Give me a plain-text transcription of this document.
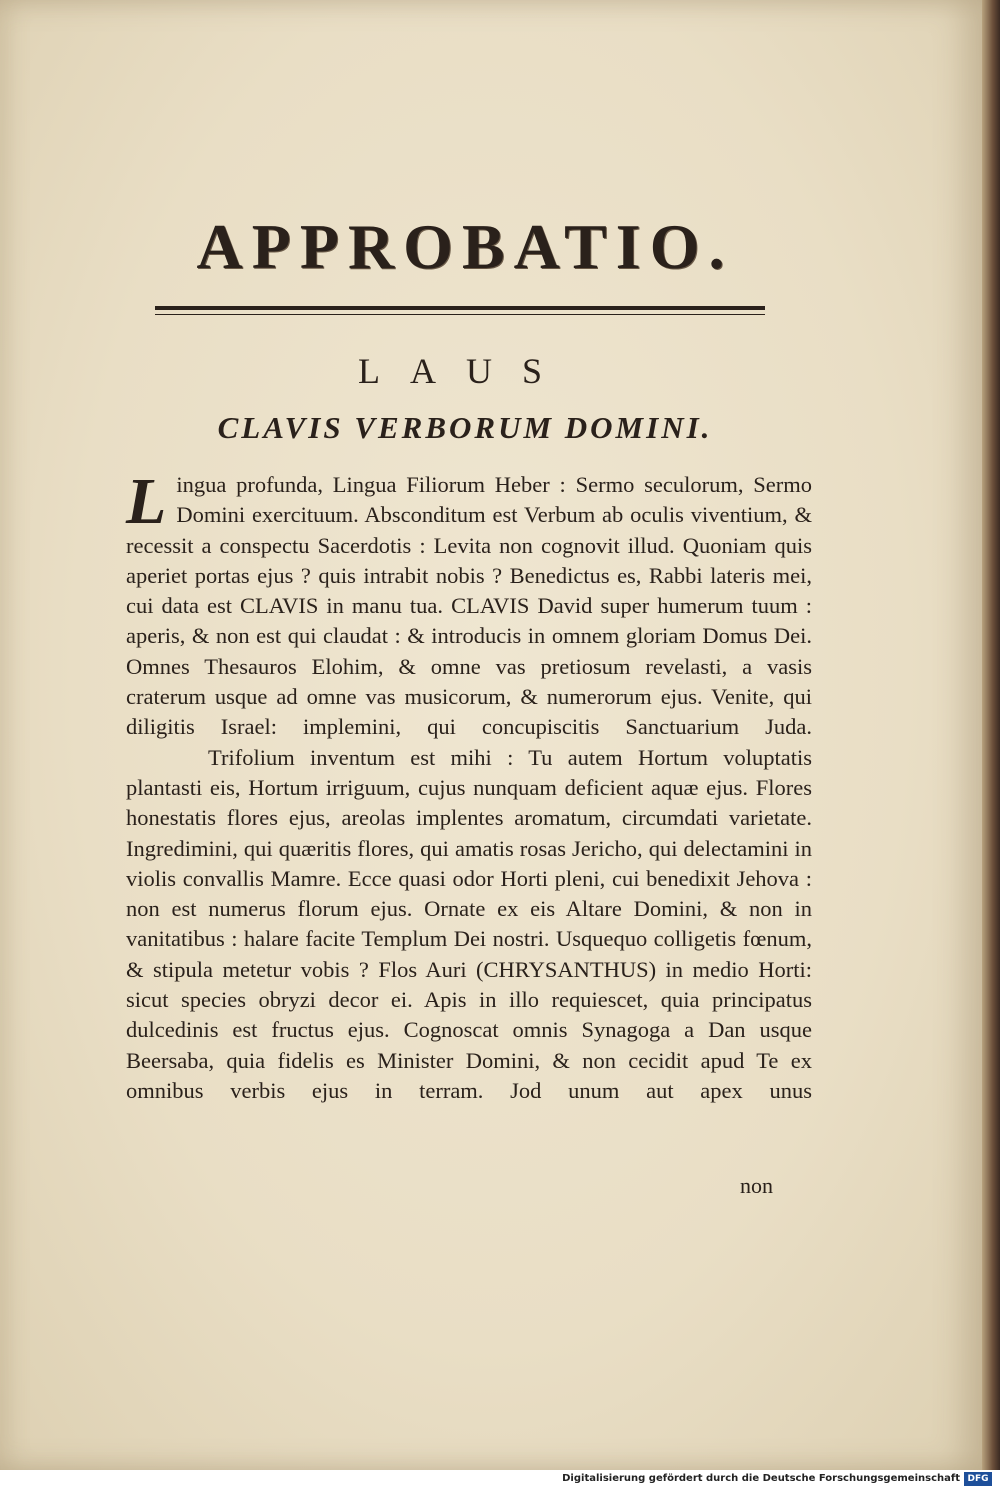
APPROBATIO.
LAUS
CLAVIS VERBORUM DOMINI.

Lingua profunda, Lingua Filiorum Heber : Sermo seculorum, Sermo Domini exercituum. Absconditum est Verbum ab oculis viventium, & recessit a conspectu Sacerdotis : Levita non cognovit illud. Quoniam quis aperiet portas ejus ? quis intrabit nobis ? Benedictus es, Rabbi lateris mei, cui data est CLAVIS in manu tua. CLAVIS David super humerum tuum : aperis, & non est qui claudat : & introducis in omnem gloriam Domus Dei. Omnes Thesauros Elohim, & omne vas pretiosum revelasti, a vasis craterum usque ad omne vas musicorum, & numerorum ejus. Venite, qui diligitis Israel: implemini, qui concupiscitis Sanctuarium Juda.

Trifolium inventum est mihi : Tu autem Hortum voluptatis plantasti eis, Hortum irriguum, cujus nunquam deficient aquæ ejus. Flores honestatis flores ejus, areolas implentes aromatum, circumdati varietate. Ingredimini, qui quæritis flores, qui amatis rosas Jericho, qui delectamini in violis convallis Mamre. Ecce quasi odor Horti pleni, cui benedixit Jehova : non est numerus florum ejus. Ornate ex eis Altare Domini, & non in vanitatibus : halare facite Templum Dei nostri. Usquequo colligetis fœnum, & stipula metetur vobis ? Flos Auri (CHRYSANTHUS) in medio Horti: sicut species obryzi decor ei. Apis in illo requiescet, quia principatus dulcedinis est fructus ejus. Cognoscat omnis Synagoga a Dan usque Beersaba, quia fidelis es Minister Domini, & non cecidit apud Te ex omnibus verbis ejus in terram. Jod unum aut apex unus

non
Digitalisierung gefördert durch die Deutsche Forschungsgemeinschaft DFG
